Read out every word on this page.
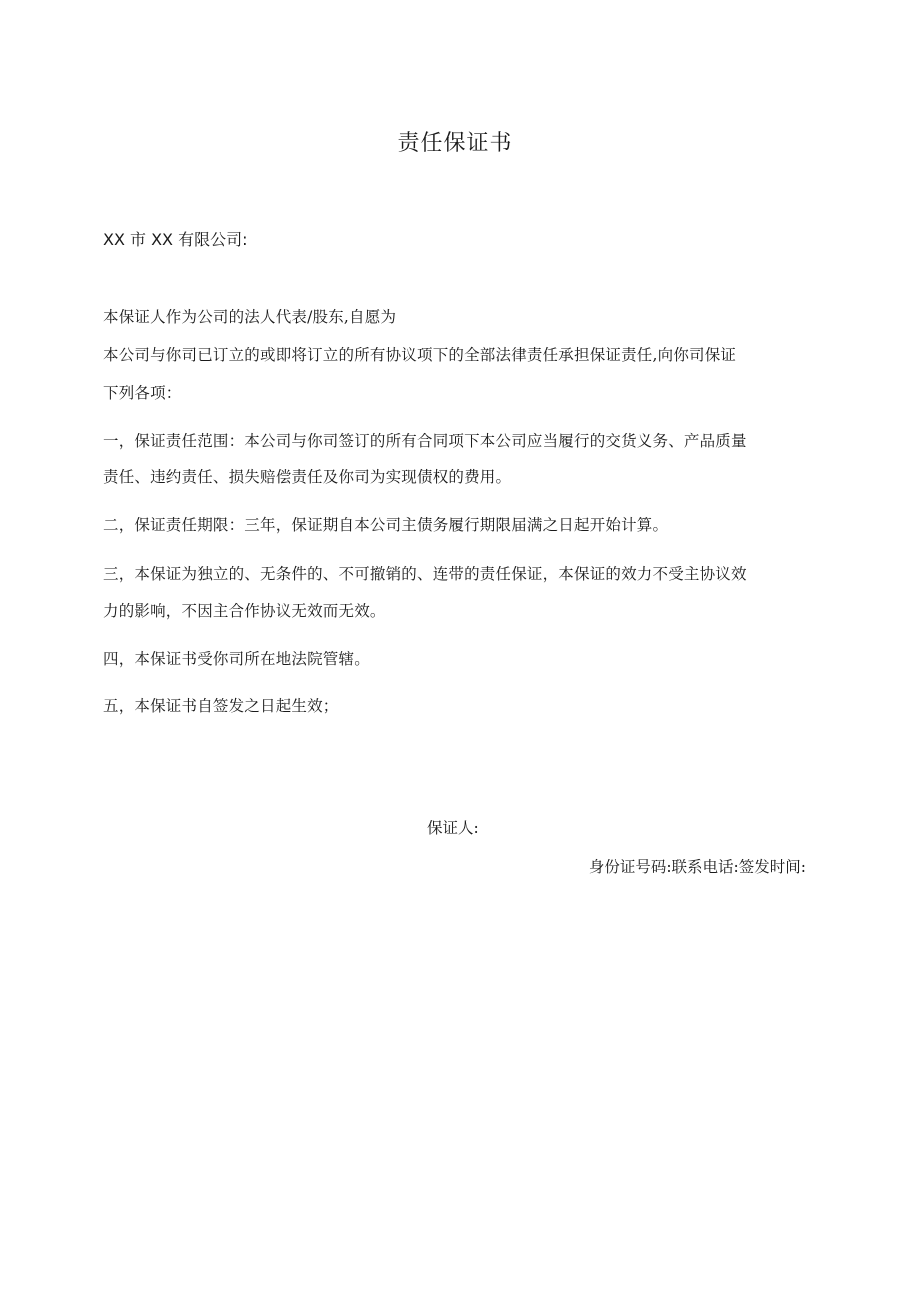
责任保证书
XX 市 XX 有限公司:
本保证人作为公司的法人代表/股东,自愿为
本公司与你司已订立的或即将订立的所有协议项下的全部法律责任承担保证责任,向你司保证
下列各项：
一，保证责任范围：本公司与你司签订的所有合同项下本公司应当履行的交货义务、产品质量
责任、违约责任、损失赔偿责任及你司为实现债权的费用。
二，保证责任期限：三年，保证期自本公司主债务履行期限届满之日起开始计算。
三，本保证为独立的、无条件的、不可撤销的、连带的责任保证，本保证的效力不受主协议效
力的影响，不因主合作协议无效而无效。
四，本保证书受你司所在地法院管辖。
五，本保证书自签发之日起生效；
保证人:
身份证号码:联系电话:签发时间:
